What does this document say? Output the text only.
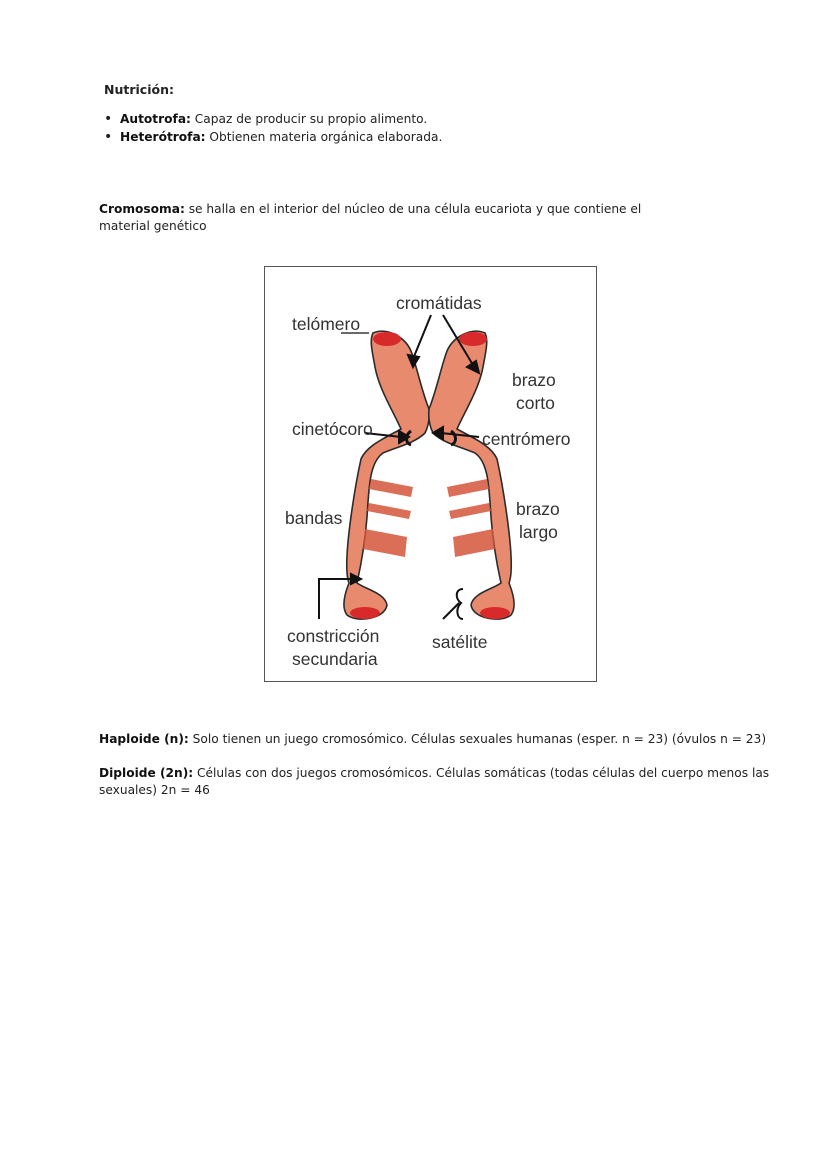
Nutrición:
• Autotrofa: Capaz de producir su propio alimento.
• Heterótrofa: Obtienen materia orgánica elaborada.
Cromosoma: se halla en el interior del núcleo de una célula eucariota y que contiene el
material genético
cromátidas
telómero
brazo
corto
cinetócoro	centrómero
bandas	brazo
largo
constricción
secundaria
satélite
Haploide (n): Solo tienen un juego cromosómico. Células sexuales humanas (esper. n = 23) (óvulos n = 23)
Diploide (2n): Células con dos juegos cromosómicos. Células somáticas (todas células del cuerpo menos las
sexuales) 2n = 46
